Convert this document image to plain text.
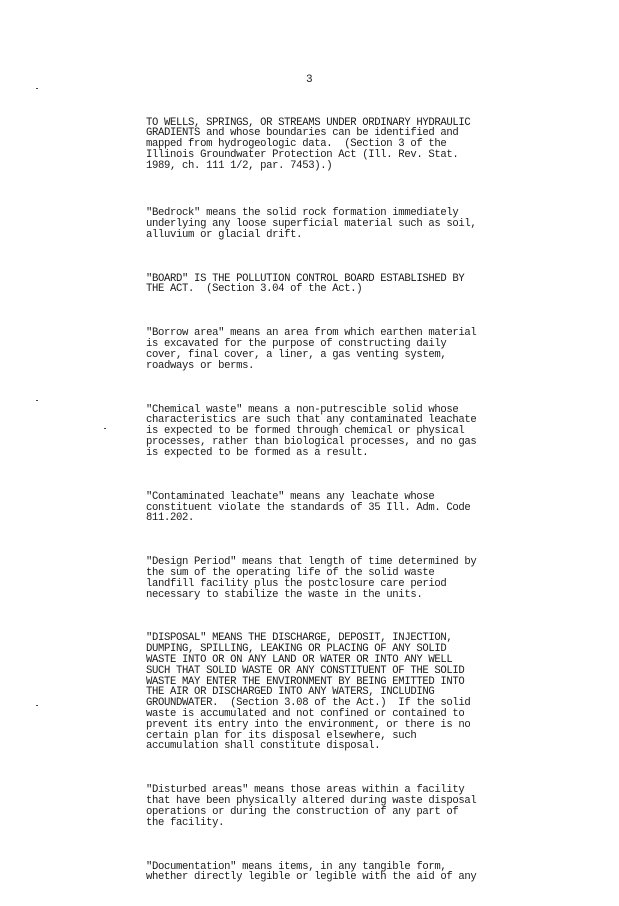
3

TO WELLS, SPRINGS, OR STREAMS UNDER ORDINARY HYDRAULIC
GRADIENTS and whose boundaries can be identified and
mapped from hydrogeologic data.  (Section 3 of the
Illinois Groundwater Protection Act (Ill. Rev. Stat.
1989, ch. 111 1/2, par. 7453).)

"Bedrock" means the solid rock formation immediately
underlying any loose superficial material such as soil,
alluvium or glacial drift.

"BOARD" IS THE POLLUTION CONTROL BOARD ESTABLISHED BY
THE ACT.  (Section 3.04 of the Act.)

"Borrow area" means an area from which earthen material
is excavated for the purpose of constructing daily
cover, final cover, a liner, a gas venting system,
roadways or berms.

"Chemical waste" means a non-putrescible solid whose
characteristics are such that any contaminated leachate
is expected to be formed through chemical or physical
processes, rather than biological processes, and no gas
is expected to be formed as a result.

"Contaminated leachate" means any leachate whose
constituent violate the standards of 35 Ill. Adm. Code
811.202.

"Design Period" means that length of time determined by
the sum of the operating life of the solid waste
landfill facility plus the postclosure care period
necessary to stabilize the waste in the units.

"DISPOSAL" MEANS THE DISCHARGE, DEPOSIT, INJECTION,
DUMPING, SPILLING, LEAKING OR PLACING OF ANY SOLID
WASTE INTO OR ON ANY LAND OR WATER OR INTO ANY WELL
SUCH THAT SOLID WASTE OR ANY CONSTITUENT OF THE SOLID
WASTE MAY ENTER THE ENVIRONMENT BY BEING EMITTED INTO
THE AIR OR DISCHARGED INTO ANY WATERS, INCLUDING
GROUNDWATER.  (Section 3.08 of the Act.)  If the solid
waste is accumulated and not confined or contained to
prevent its entry into the environment, or there is no
certain plan for its disposal elsewhere, such
accumulation shall constitute disposal.

"Disturbed areas" means those areas within a facility
that have been physically altered during waste disposal
operations or during the construction of any part of
the facility.

"Documentation" means items, in any tangible form,
whether directly legible or legible with the aid of any
